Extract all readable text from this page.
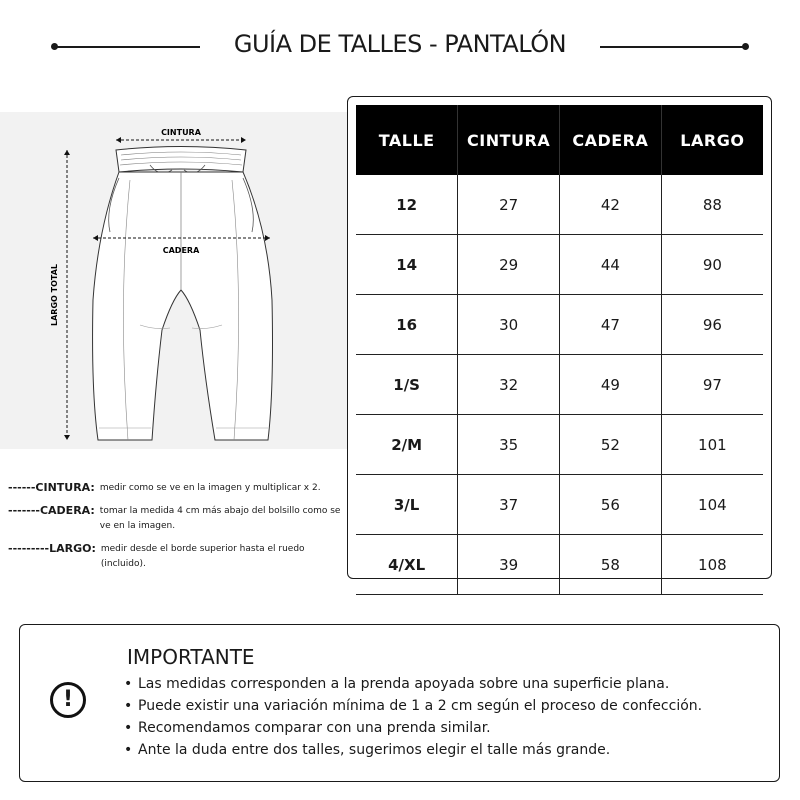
GUÍA DE TALLES - PANTALÓN
CINTURA
LARGO TOTAL
CADERA
------ CINTURA: medir como se ve en la imagen y multiplicar x 2.
------- CADERA: tomar la medida 4 cm más abajo del bolsillo como se ve en la imagen.
--------- LARGO: medir desde el borde superior hasta el ruedo (incluido).
TALLE	CINTURA	CADERA	LARGO
12	27	42	88
14	29	44	90
16	30	47	96
1/S	32	49	97
2/M	35	52	101
3/L	37	56	104
4/XL	39	58	108
!
IMPORTANTE
• Las medidas corresponden a la prenda apoyada sobre una superficie plana.
• Puede existir una variación mínima de 1 a 2 cm según el proceso de confección.
• Recomendamos comparar con una prenda similar.
• Ante la duda entre dos talles, sugerimos elegir el talle más grande.
